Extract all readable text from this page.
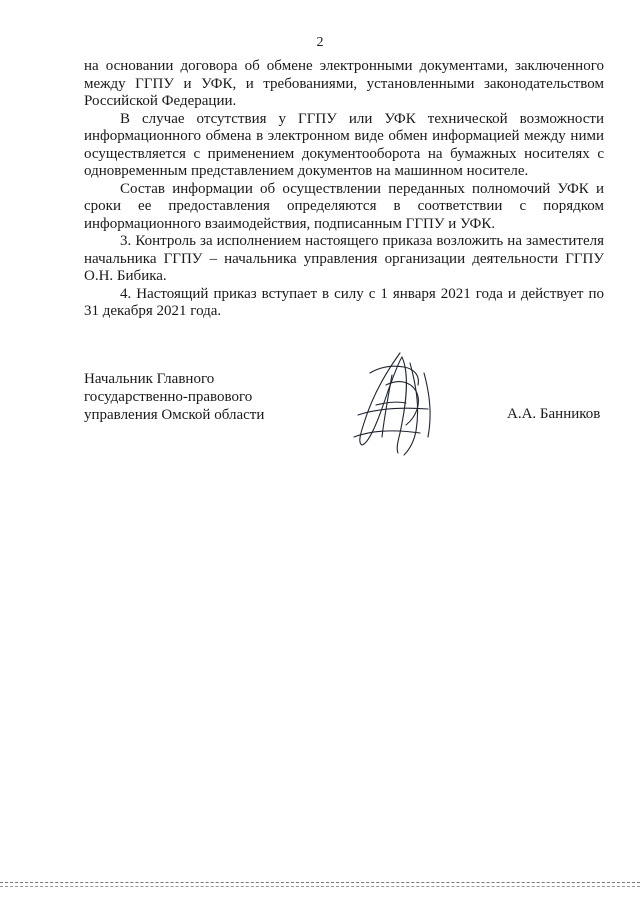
2

на основании договора об обмене электронными документами, заключенного между ГГПУ и УФК, и требованиями, установленными законодательством Российской Федерации.

В случае отсутствия у ГГПУ или УФК технической возможности информационного обмена в электронном виде обмен информацией между ними осуществляется с применением документооборота на бумажных носителях с одновременным представлением документов на машинном носителе.

Состав информации об осуществлении переданных полномочий УФК и сроки ее предоставления определяются в соответствии с порядком информационного взаимодействия, подписанным ГГПУ и УФК.

3. Контроль за исполнением настоящего приказа возложить на заместителя начальника ГГПУ – начальника управления организации деятельности ГГПУ О.Н. Бибика.

4. Настоящий приказ вступает в силу с 1 января 2021 года и действует по 31 декабря 2021 года.

Начальник Главного
государственно-правового
управления Омской области	А.А. Банников
